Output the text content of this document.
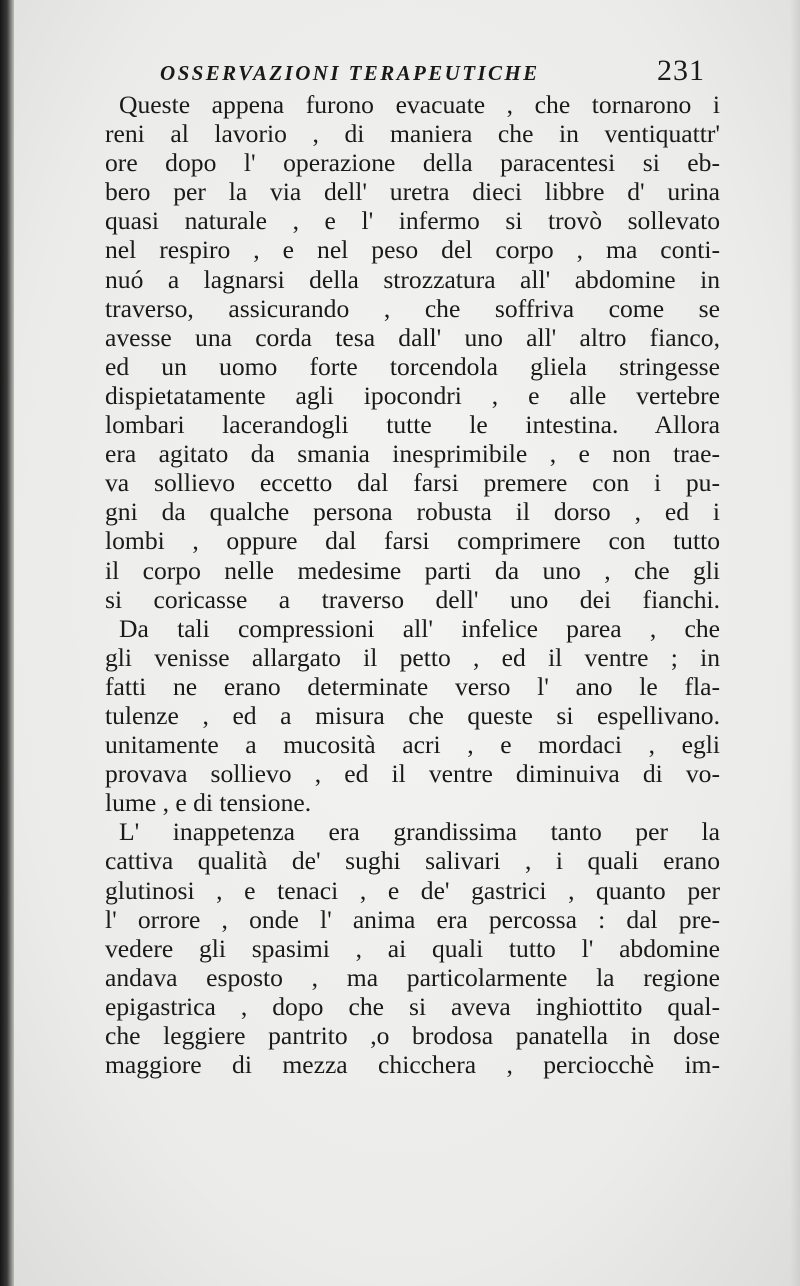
OSSERVAZIONI TERAPEUTICHE	231

Queste appena furono evacuate , che tornarono i
reni al lavorio , di maniera che in ventiquattr'
ore dopo l' operazione della paracentesi si eb-
bero per la via dell' uretra dieci libbre d' urina
quasi naturale , e l' infermo si trovò sollevato
nel respiro , e nel peso del corpo , ma conti-
nuó a lagnarsi della strozzatura all' abdomine in
traverso, assicurando , che soffriva come se
avesse una corda tesa dall' uno all' altro fianco,
ed un uomo forte torcendola gliela stringesse
dispietatamente agli ipocondri , e alle vertebre
lombari lacerandogli tutte le intestina. Allora
era agitato da smania inesprimibile , e non trae-
va sollievo eccetto dal farsi premere con i pu-
gni da qualche persona robusta il dorso , ed i
lombi , oppure dal farsi comprimere con tutto
il corpo nelle medesime parti da uno , che gli
si coricasse a traverso dell' uno dei fianchi.

Da tali compressioni all' infelice parea , che
gli venisse allargato il petto , ed il ventre ; in
fatti ne erano determinate verso l' ano le fla-
tulenze , ed a misura che queste si espellivano.
unitamente a mucosità acri , e mordaci , egli
provava sollievo , ed il ventre diminuiva di vo-
lume , e di tensione.

L' inappetenza era grandissima tanto per la
cattiva qualità de' sughi salivari , i quali erano
glutinosi , e tenaci , e de' gastrici , quanto per
l' orrore , onde l' anima era percossa : dal pre-
vedere gli spasimi , ai quali tutto l' abdomine
andava esposto , ma particolarmente la regione
epigastrica , dopo che si aveva inghiottito qual-
che leggiere pantrito ,o brodosa panatella in dose
maggiore di mezza chicchera , perciocchè im-
